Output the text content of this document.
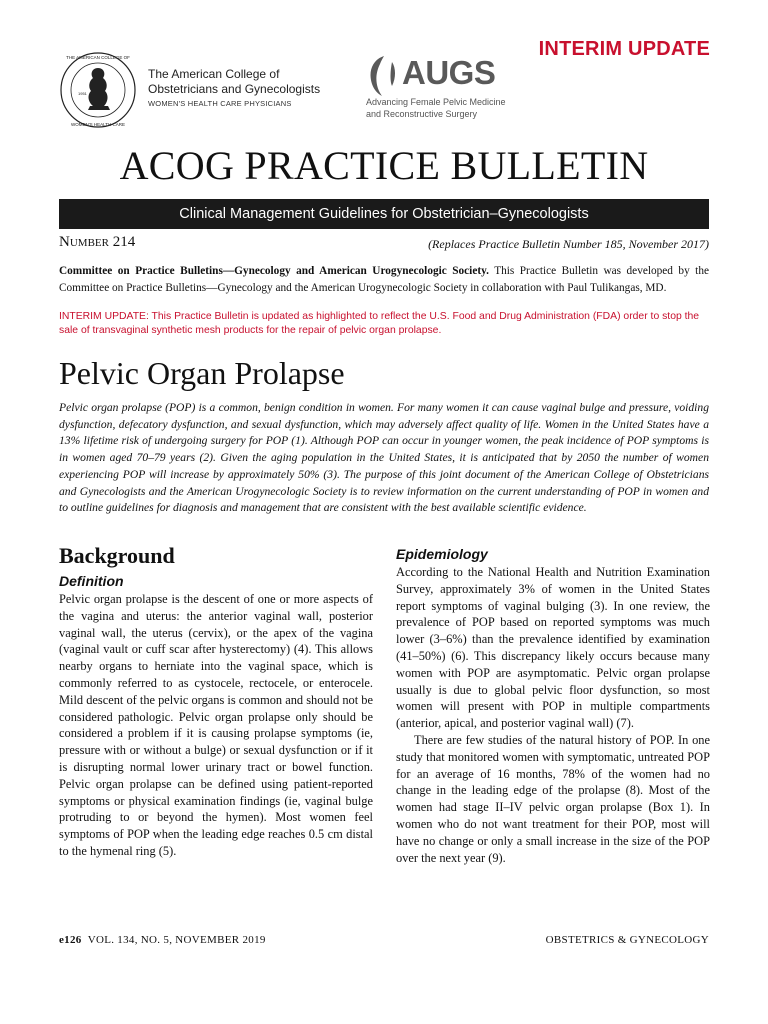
THE AMERICAN COLLEGE OF
WOMEN'S HEALTH CARE
1951
The American College of
Obstetricians and Gynecologists
WOMEN'S HEALTH CARE PHYSICIANS
AUGS
Advancing Female Pelvic Medicine
and Reconstructive Surgery
INTERIM UPDATE
ACOG PRACTICE BULLETIN
Clinical Management Guidelines for Obstetrician–Gynecologists
NUMBER 214	(Replaces Practice Bulletin Number 185, November 2017)
Committee on Practice Bulletins—Gynecology and American Urogynecologic Society. This Practice Bulletin was developed by the Committee on Practice Bulletins—Gynecology and the American Urogynecologic Society in collaboration with Paul Tulikangas, MD.
INTERIM UPDATE: This Practice Bulletin is updated as highlighted to reflect the U.S. Food and Drug Administration (FDA) order to stop the sale of transvaginal synthetic mesh products for the repair of pelvic organ prolapse.
Pelvic Organ Prolapse
Pelvic organ prolapse (POP) is a common, benign condition in women. For many women it can cause vaginal bulge and pressure, voiding dysfunction, defecatory dysfunction, and sexual dysfunction, which may adversely affect quality of life. Women in the United States have a 13% lifetime risk of undergoing surgery for POP (1). Although POP can occur in younger women, the peak incidence of POP symptoms is in women aged 70–79 years (2). Given the aging population in the United States, it is anticipated that by 2050 the number of women experiencing POP will increase by approximately 50% (3). The purpose of this joint document of the American College of Obstetricians and Gynecologists and the American Urogynecologic Society is to review information on the current understanding of POP in women and to outline guidelines for diagnosis and management that are consistent with the best available scientific evidence.
Background
Definition

Pelvic organ prolapse is the descent of one or more aspects of the vagina and uterus: the anterior vaginal wall, posterior vaginal wall, the uterus (cervix), or the apex of the vagina (vaginal vault or cuff scar after hysterectomy) (4). This allows nearby organs to herniate into the vaginal space, which is commonly referred to as cystocele, rectocele, or enterocele. Mild descent of the pelvic organs is common and should not be considered pathologic. Pelvic organ prolapse only should be considered a problem if it is causing prolapse symptoms (ie, pressure with or without a bulge) or sexual dysfunction or if it is disrupting normal lower urinary tract or bowel function. Pelvic organ prolapse can be defined using patient-reported symptoms or physical examination findings (ie, vaginal bulge protruding to or beyond the hymen). Most women feel symptoms of POP when the leading edge reaches 0.5 cm distal to the hymenal ring (5).

Epidemiology

According to the National Health and Nutrition Examination Survey, approximately 3% of women in the United States report symptoms of vaginal bulging (3). In one review, the prevalence of POP based on reported symptoms was much lower (3–6%) than the prevalence identified by examination (41–50%) (6). This discrepancy likely occurs because many women with POP are asymptomatic. Pelvic organ prolapse usually is due to global pelvic floor dysfunction, so most women will present with POP in multiple compartments (anterior, apical, and posterior vaginal wall) (7).

There are few studies of the natural history of POP. In one study that monitored women with symptomatic, untreated POP for an average of 16 months, 78% of the women had no change in the leading edge of the prolapse (8). Most of the women had stage II–IV pelvic organ prolapse (Box 1). In women who do not want treatment for their POP, most will have no change or only a small increase in the size of the POP over the next year (9).

e126 VOL. 134, NO. 5, NOVEMBER 2019	OBSTETRICS & GYNECOLOGY
